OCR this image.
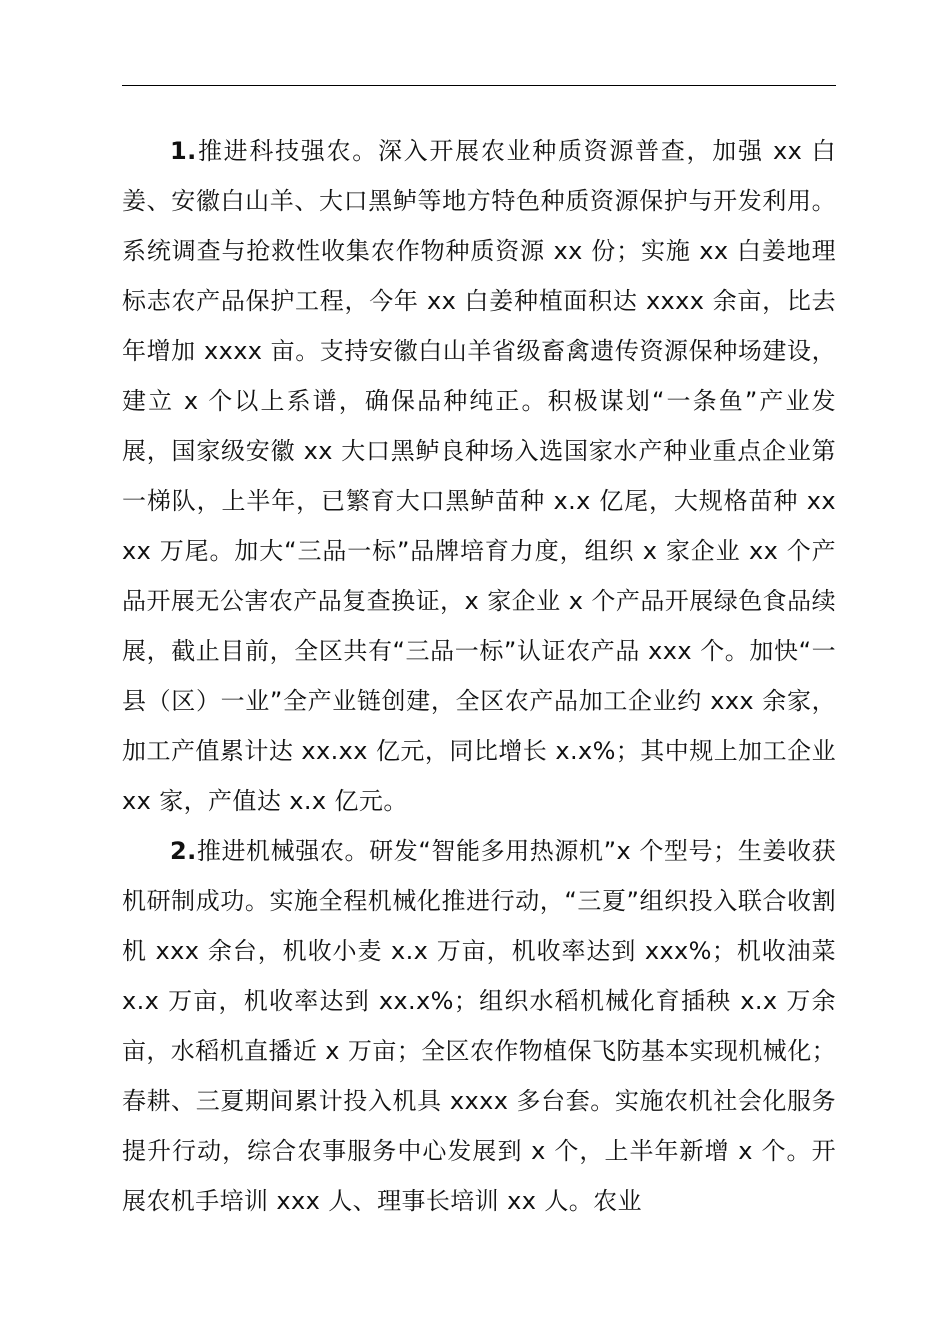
1.推进科技强农。深入开展农业种质资源普查，加强 xx 白姜、安徽白山羊、大口黑鲈等地方特色种质资源保护与开发利用。系统调查与抢救性收集农作物种质资源 xx 份；实施 xx 白姜地理标志农产品保护工程，今年 xx 白姜种植面积达 xxxx 余亩，比去年增加 xxxx 亩。支持安徽白山羊省级畜禽遗传资源保种场建设，建立 x 个以上系谱，确保品种纯正。积极谋划“一条鱼”产业发展，国家级安徽 xx 大口黑鲈良种场入选国家水产种业重点企业第一梯队，上半年，已繁育大口黑鲈苗种 x.x 亿尾，大规格苗种 xxxx 万尾。加大“三品一标”品牌培育力度，组织 x 家企业 xx 个产品开展无公害农产品复查换证，x 家企业 x 个产品开展绿色食品续展，截止目前，全区共有“三品一标”认证农产品 xxx 个。加快“一县（区）一业”全产业链创建，全区农产品加工企业约 xxx 余家，加工产值累计达 xx.xx 亿元，同比增长 x.x%；其中规上加工企业 xx 家，产值达 x.x 亿元。

2.推进机械强农。研发“智能多用热源机”x 个型号；生姜收获机研制成功。实施全程机械化推进行动，“三夏”组织投入联合收割机 xxx 余台，机收小麦 x.x 万亩，机收率达到 xxx%；机收油菜 x.x 万亩，机收率达到 xx.x%；组织水稻机械化育插秧 x.x 万余亩，水稻机直播近 x 万亩；全区农作物植保飞防基本实现机械化；春耕、三夏期间累计投入机具 xxxx 多台套。实施农机社会化服务提升行动，综合农事服务中心发展到 x 个，上半年新增 x 个。开展农机手培训 xxx 人、理事长培训 xx 人。农业
